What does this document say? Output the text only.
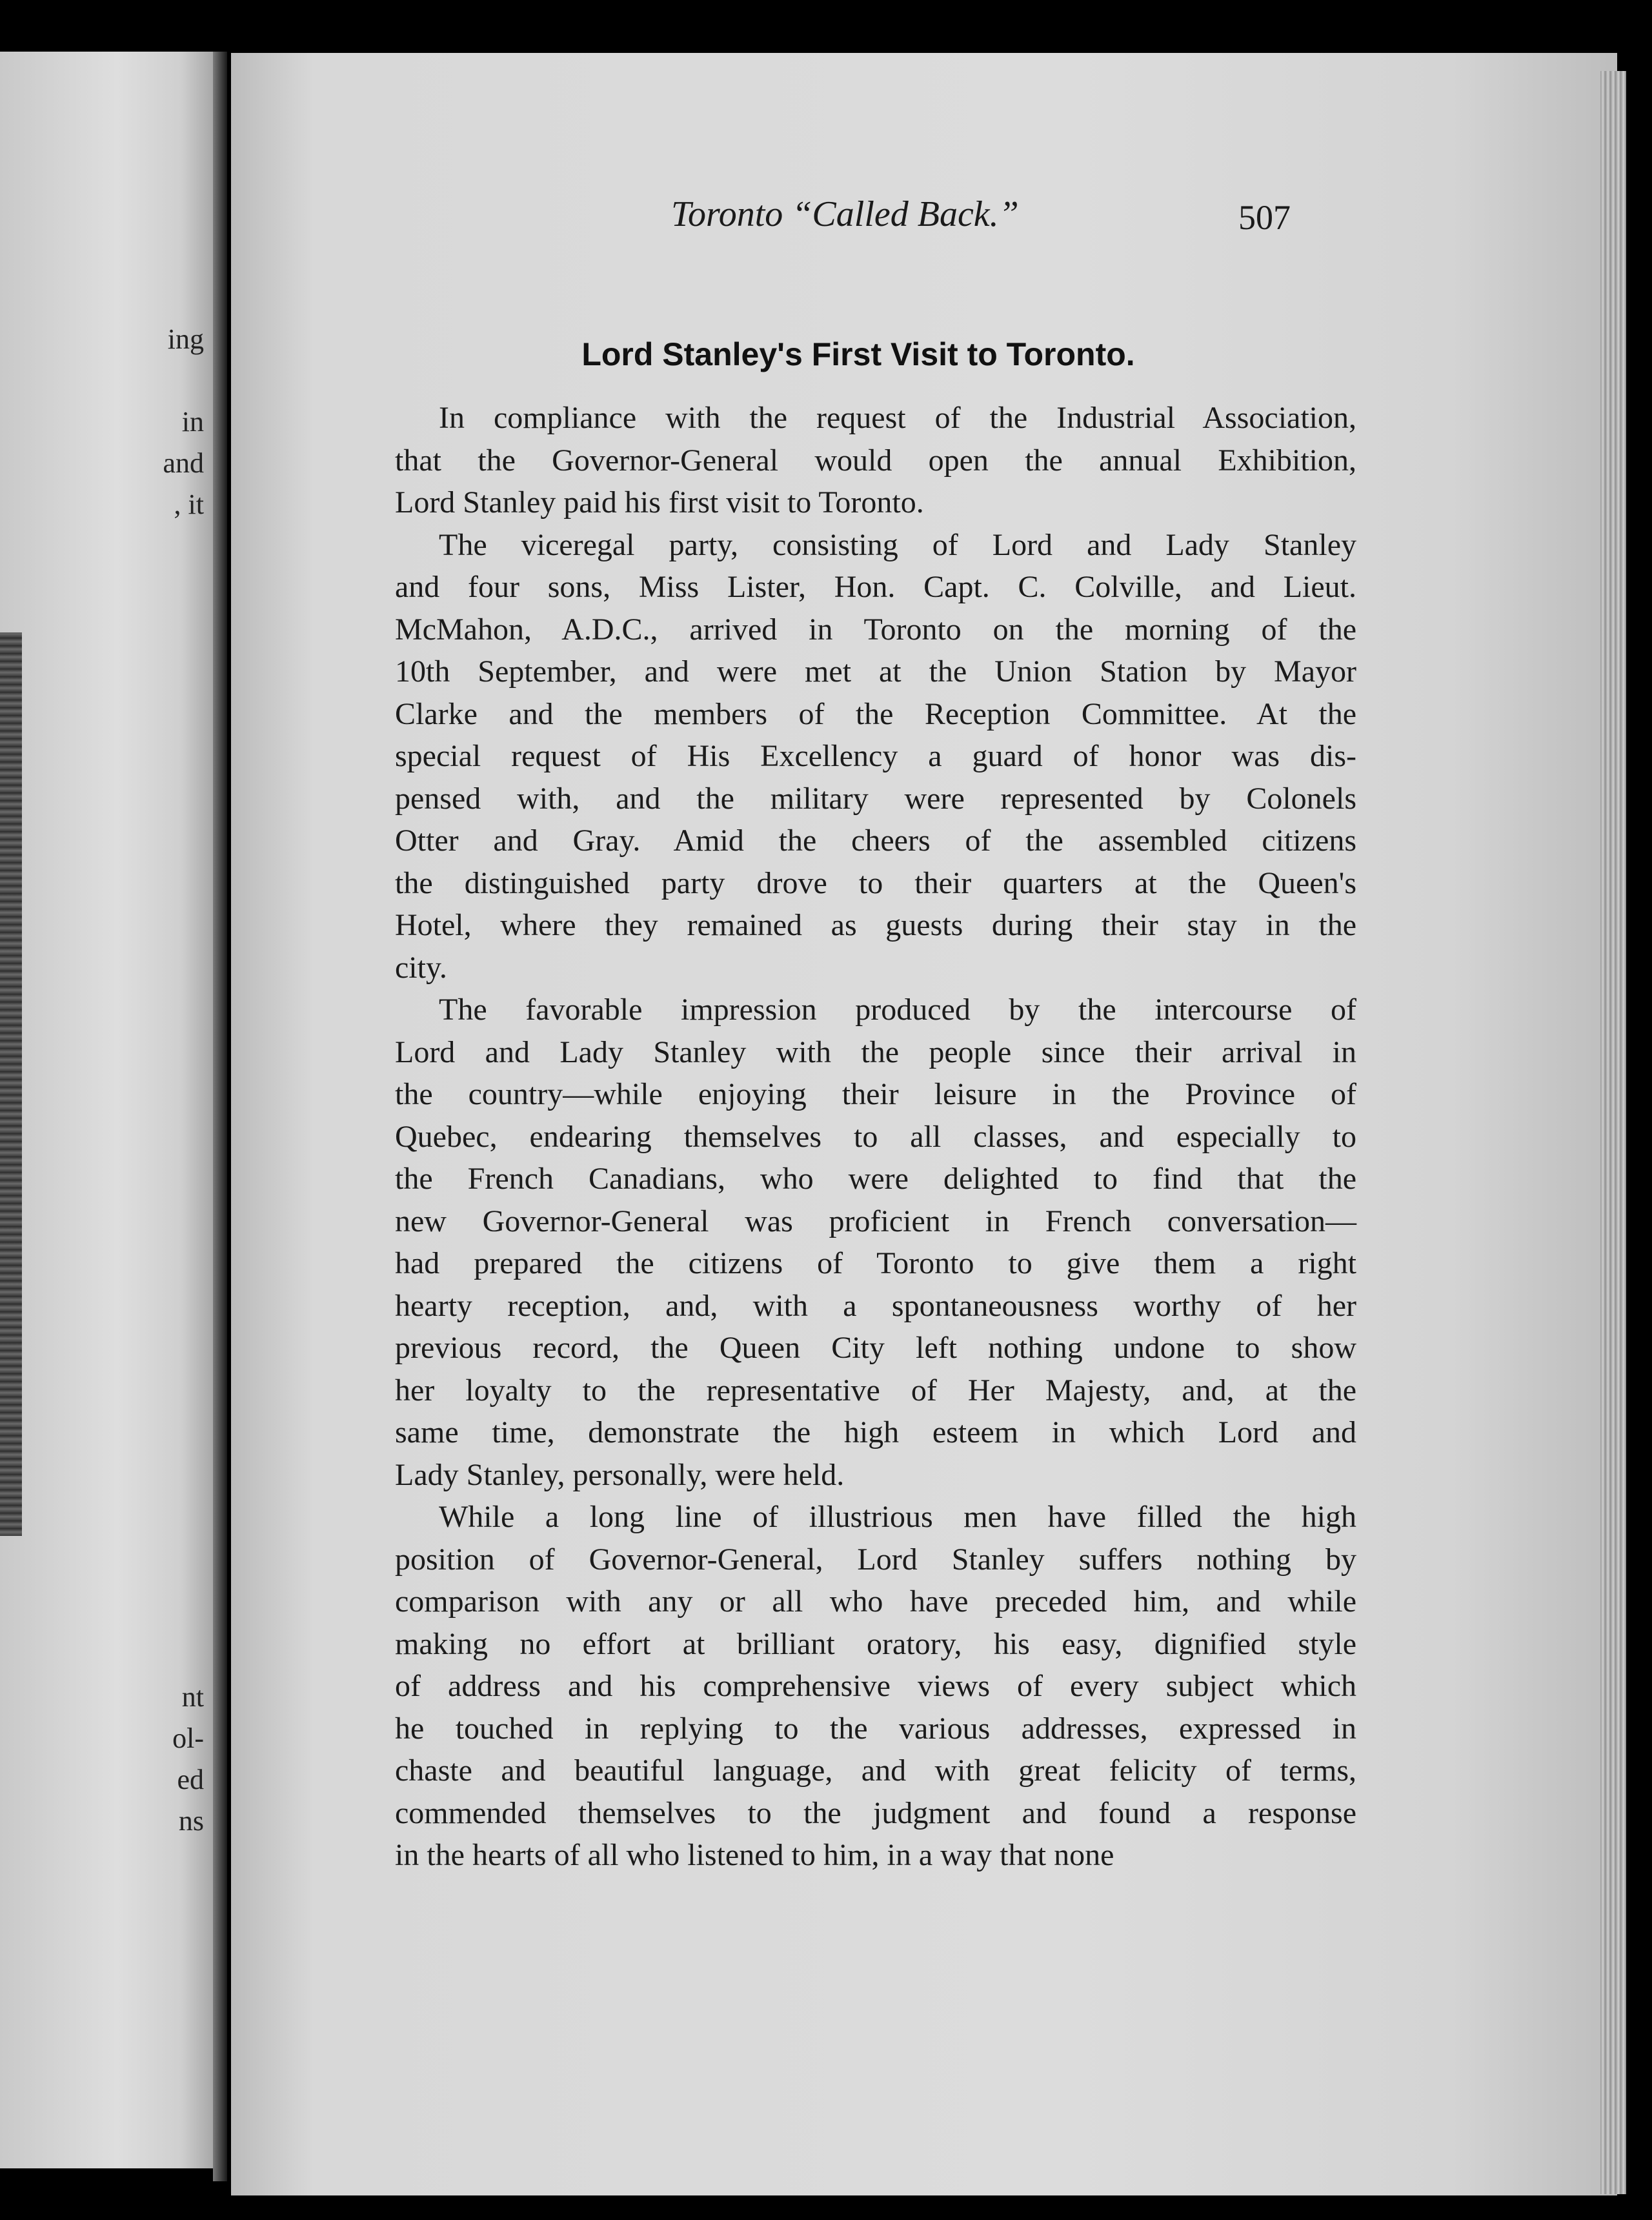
ing
in
and
, it
nt
ol-
ed
ns
Toronto “Called Back.”	507
Lord Stanley's First Visit to Toronto.
In compliance with the request of the Industrial Association,
that the Governor-General would open the annual Exhibition,
Lord Stanley paid his first visit to Toronto.
The viceregal party, consisting of Lord and Lady Stanley
and four sons, Miss Lister, Hon. Capt. C. Colville, and Lieut.
McMahon, A.D.C., arrived in Toronto on the morning of the
10th September, and were met at the Union Station by Mayor
Clarke and the members of the Reception Committee. At the
special request of His Excellency a guard of honor was dis-
pensed with, and the military were represented by Colonels
Otter and Gray. Amid the cheers of the assembled citizens
the distinguished party drove to their quarters at the Queen's
Hotel, where they remained as guests during their stay in the
city.
The favorable impression produced by the intercourse of
Lord and Lady Stanley with the people since their arrival in
the country—while enjoying their leisure in the Province of
Quebec, endearing themselves to all classes, and especially to
the French Canadians, who were delighted to find that the
new Governor-General was proficient in French conversation—
had prepared the citizens of Toronto to give them a right
hearty reception, and, with a spontaneousness worthy of her
previous record, the Queen City left nothing undone to show
her loyalty to the representative of Her Majesty, and, at the
same time, demonstrate the high esteem in which Lord and
Lady Stanley, personally, were held.
While a long line of illustrious men have filled the high
position of Governor-General, Lord Stanley suffers nothing by
comparison with any or all who have preceded him, and while
making no effort at brilliant oratory, his easy, dignified style
of address and his comprehensive views of every subject which
he touched in replying to the various addresses, expressed in
chaste and beautiful language, and with great felicity of terms,
commended themselves to the judgment and found a response
in the hearts of all who listened to him, in a way that none
